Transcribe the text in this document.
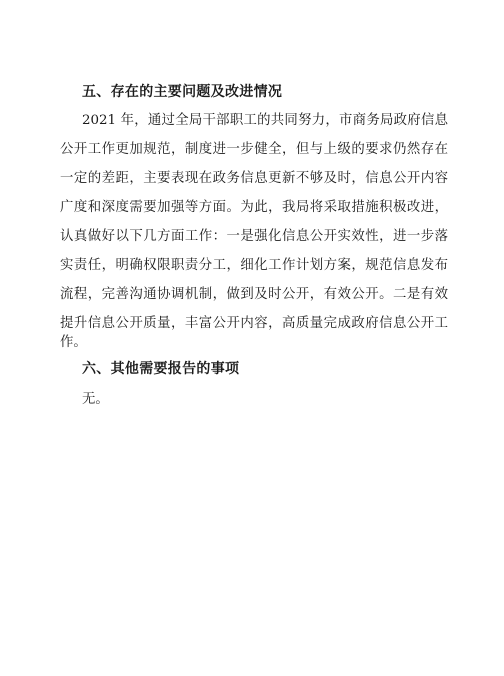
五、存在的主要问题及改进情况
2021 年，通过全局干部职工的共同努力，市商务局政府信息
公开工作更加规范，制度进一步健全，但与上级的要求仍然存在
一定的差距，主要表现在政务信息更新不够及时，信息公开内容
广度和深度需要加强等方面。为此，我局将采取措施积极改进，
认真做好以下几方面工作：一是强化信息公开实效性，进一步落
实责任，明确权限职责分工，细化工作计划方案，规范信息发布
流程，完善沟通协调机制，做到及时公开，有效公开。二是有效
提升信息公开质量，丰富公开内容，高质量完成政府信息公开工
作。
六、其他需要报告的事项
无。
